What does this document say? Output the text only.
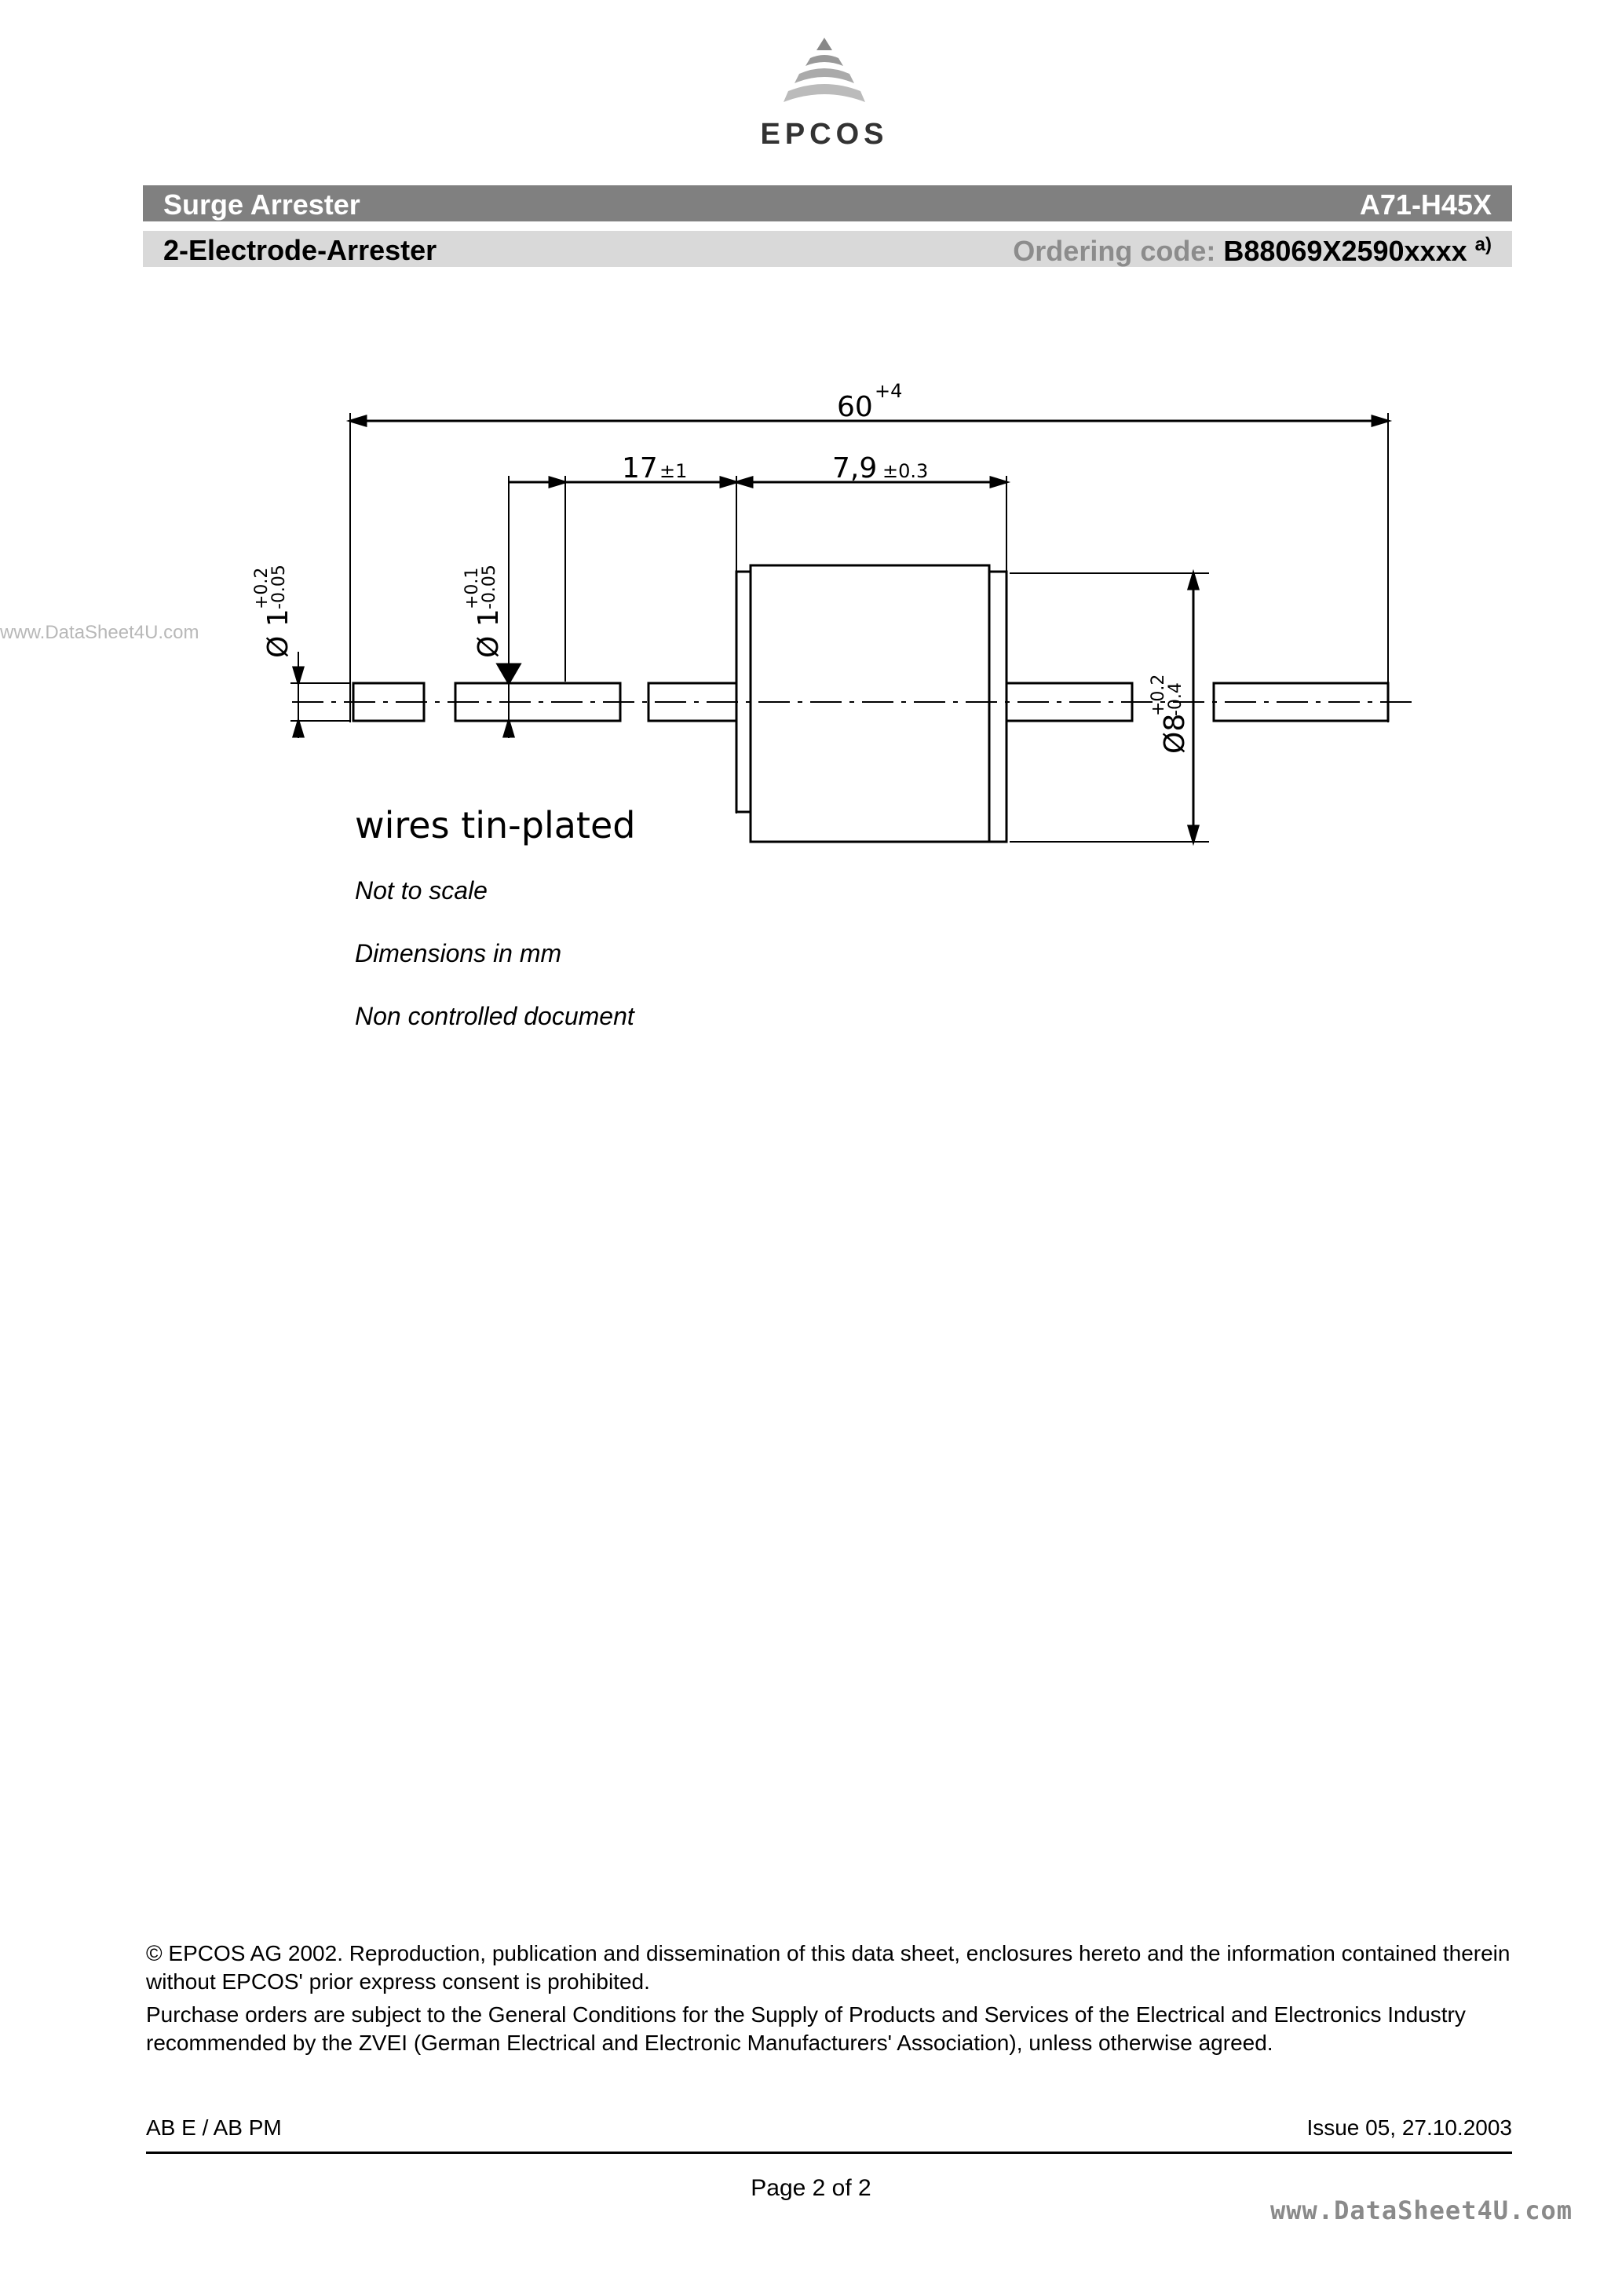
EPCOS
Surge Arrester	A71-H45X
2-Electrode-Arrester	Ordering code: B88069X2590xxxx $^{a)}$
www.DataSheet4U.com
60 +4
17 ±1	7,9 ±0.3
Ø 1
+0.2
-0.05
Ø 1
+0.1
-0.05
Ø8
+0.2
-0.4
wires tin-plated
Not to scale
Dimensions in mm
Non controlled document
© EPCOS AG 2002. Reproduction, publication and dissemination of this data sheet, enclosures hereto and the information contained therein without EPCOS' prior express consent is prohibited.
Purchase orders are subject to the General Conditions for the Supply of Products and Services of the Electrical and Electronics Industry recommended by the ZVEI (German Electrical and Electronic Manufacturers' Association), unless otherwise agreed.
AB E / AB PM	Issue 05, 27.10.2003
Page 2 of 2
www.DataSheet4U.com
